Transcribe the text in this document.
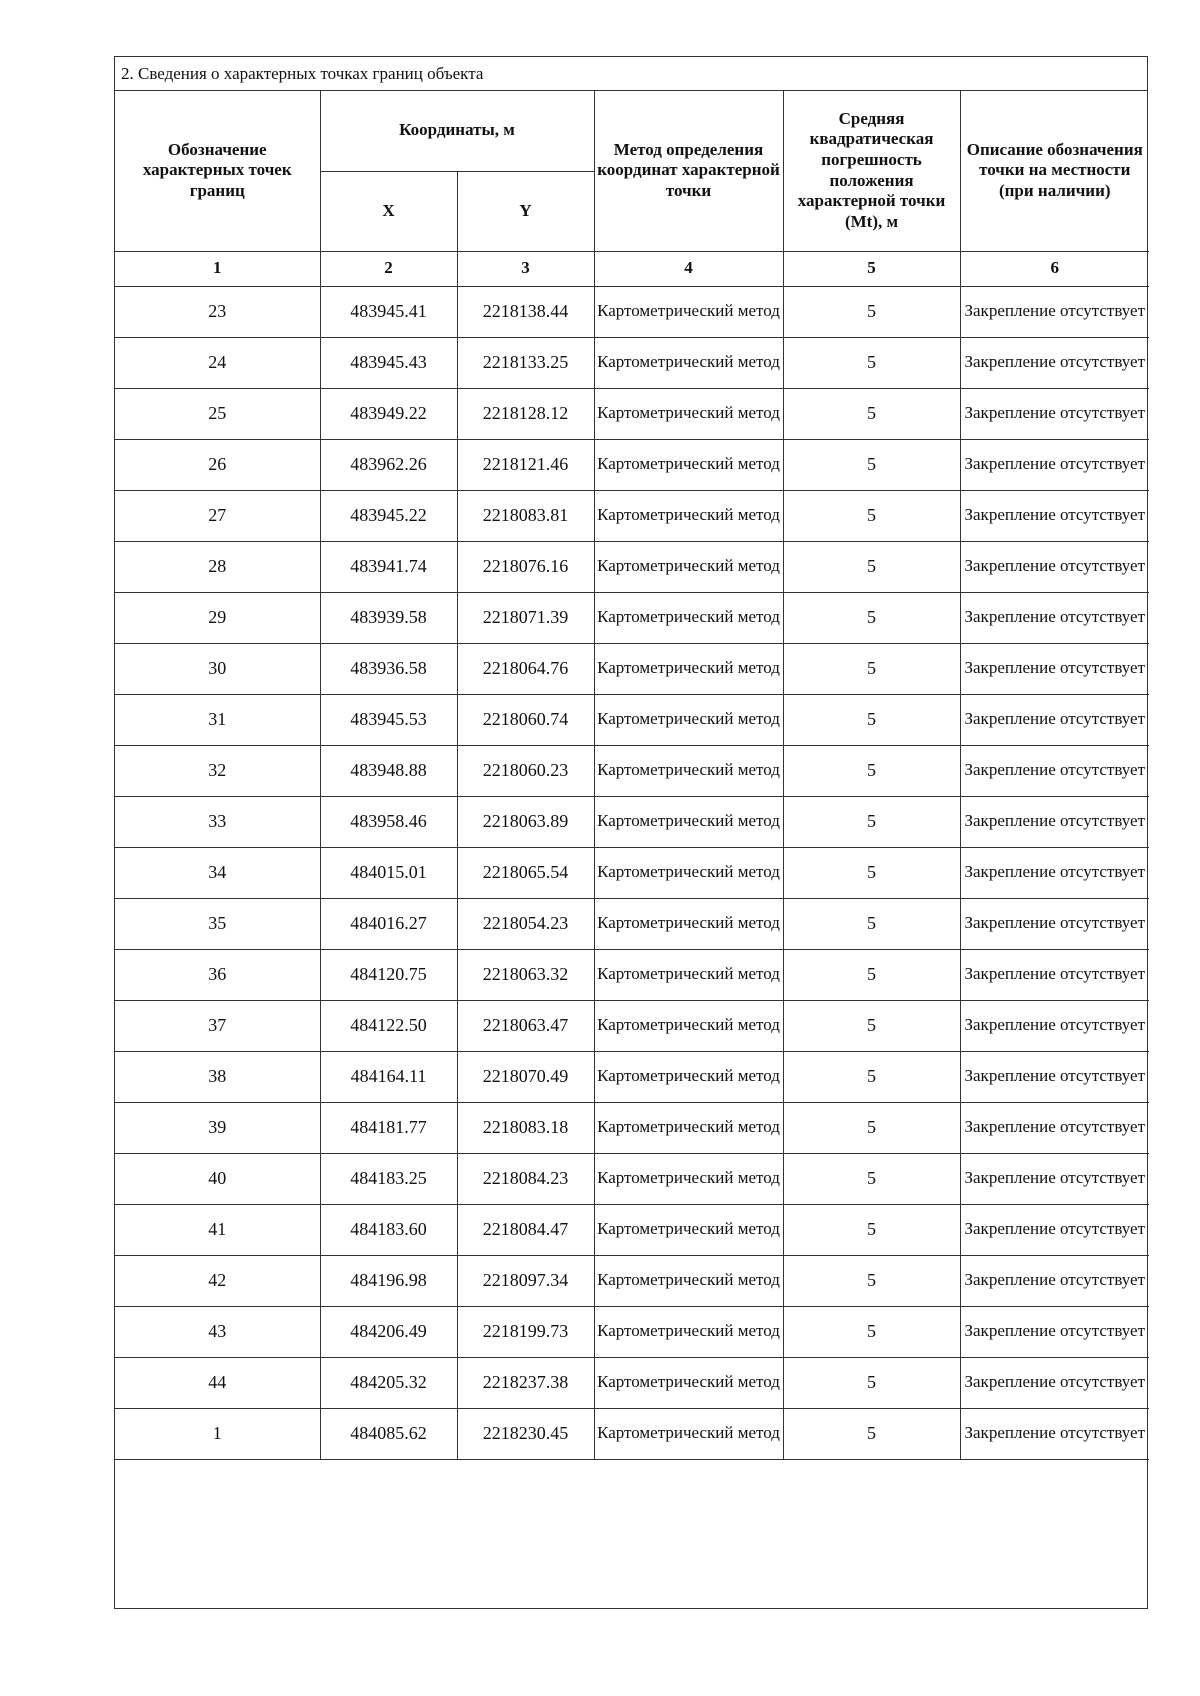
2. Сведения о характерных точках границ объекта
Обозначение характерных точек границ	Координаты, м		Метод определения координат характерной точки	Средняя квадратическая погрешность положения характерной точки (Mt), м	Описание обозначения точки на местности (при наличии)
	X	Y			
1	2	3	4	5	6
23	483945.41	2218138.44	Картометрический метод	5	Закрепление отсутствует
24	483945.43	2218133.25	Картометрический метод	5	Закрепление отсутствует
25	483949.22	2218128.12	Картометрический метод	5	Закрепление отсутствует
26	483962.26	2218121.46	Картометрический метод	5	Закрепление отсутствует
27	483945.22	2218083.81	Картометрический метод	5	Закрепление отсутствует
28	483941.74	2218076.16	Картометрический метод	5	Закрепление отсутствует
29	483939.58	2218071.39	Картометрический метод	5	Закрепление отсутствует
30	483936.58	2218064.76	Картометрический метод	5	Закрепление отсутствует
31	483945.53	2218060.74	Картометрический метод	5	Закрепление отсутствует
32	483948.88	2218060.23	Картометрический метод	5	Закрепление отсутствует
33	483958.46	2218063.89	Картометрический метод	5	Закрепление отсутствует
34	484015.01	2218065.54	Картометрический метод	5	Закрепление отсутствует
35	484016.27	2218054.23	Картометрический метод	5	Закрепление отсутствует
36	484120.75	2218063.32	Картометрический метод	5	Закрепление отсутствует
37	484122.50	2218063.47	Картометрический метод	5	Закрепление отсутствует
38	484164.11	2218070.49	Картометрический метод	5	Закрепление отсутствует
39	484181.77	2218083.18	Картометрический метод	5	Закрепление отсутствует
40	484183.25	2218084.23	Картометрический метод	5	Закрепление отсутствует
41	484183.60	2218084.47	Картометрический метод	5	Закрепление отсутствует
42	484196.98	2218097.34	Картометрический метод	5	Закрепление отсутствует
43	484206.49	2218199.73	Картометрический метод	5	Закрепление отсутствует
44	484205.32	2218237.38	Картометрический метод	5	Закрепление отсутствует
1	484085.62	2218230.45	Картометрический метод	5	Закрепление отсутствует
